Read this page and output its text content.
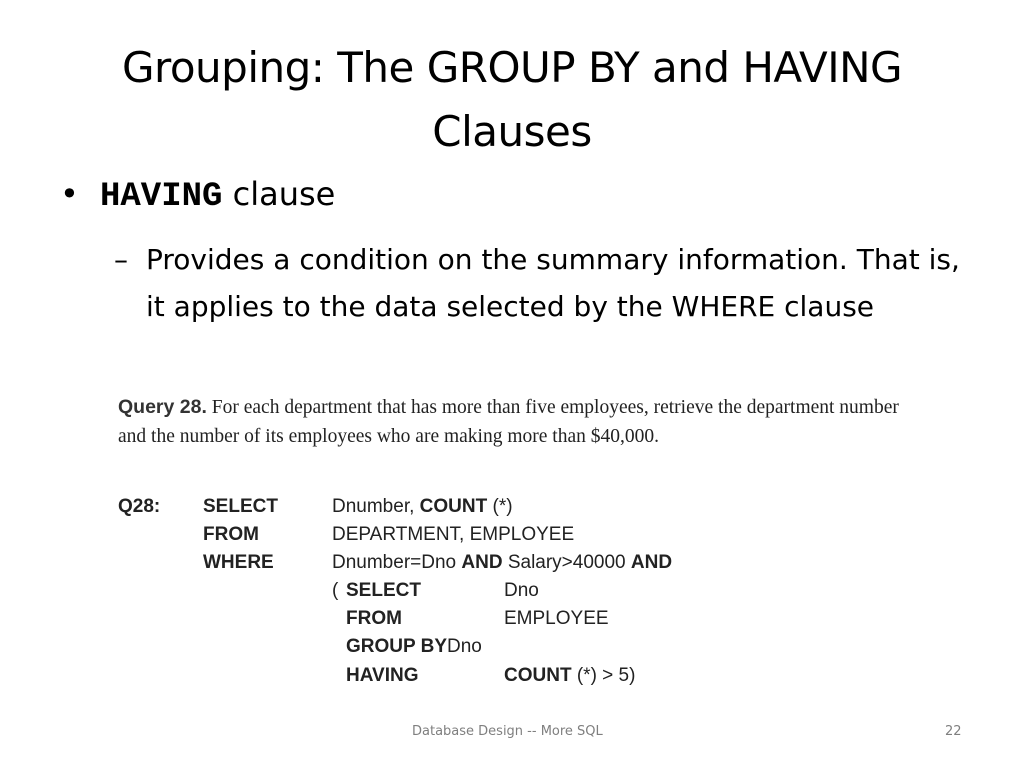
Grouping: The GROUP BY and HAVING Clauses
• HAVING clause
– Provides a condition on the summary information. That is, it applies to the data selected by the WHERE clause
Query 28. For each department that has more than five employees, retrieve the department number and the number of its employees who are making more than $40,000.
Q28: SELECT	Dnumber, COUNT (*)
FROM	DEPARTMENT, EMPLOYEE
WHERE	Dnumber=Dno AND Salary>40000 AND
( SELECT	Dno
FROM	EMPLOYEE
GROUP BYDno
HAVING	COUNT (*) > 5)
Database Design -- More SQL	22
